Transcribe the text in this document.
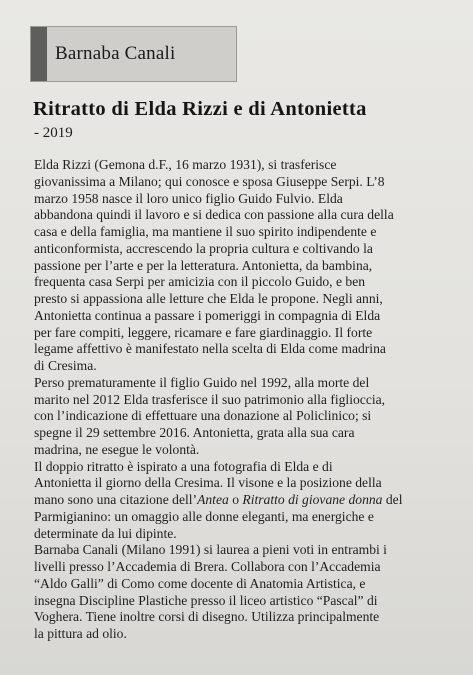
Barnaba Canali
Ritratto di Elda Rizzi e di Antonietta
- 2019
Elda Rizzi (Gemona d.F., 16 marzo 1931), si trasferisce
giovanissima a Milano; qui conosce e sposa Giuseppe Serpi. L’8
marzo 1958 nasce il loro unico figlio Guido Fulvio. Elda
abbandona quindi il lavoro e si dedica con passione alla cura della
casa e della famiglia, ma mantiene il suo spirito indipendente e
anticonformista, accrescendo la propria cultura e coltivando la
passione per l’arte e per la letteratura. Antonietta, da bambina,
frequenta casa Serpi per amicizia con il piccolo Guido, e ben
presto si appassiona alle letture che Elda le propone. Negli anni,
Antonietta continua a passare i pomeriggi in compagnia di Elda
per fare compiti, leggere, ricamare e fare giardinaggio. Il forte
legame affettivo è manifestato nella scelta di Elda come madrina
di Cresima.
Perso prematuramente il figlio Guido nel 1992, alla morte del
marito nel 2012 Elda trasferisce il suo patrimonio alla figlioccia,
con l’indicazione di effettuare una donazione al Policlinico; si
spegne il 29 settembre 2016. Antonietta, grata alla sua cara
madrina, ne esegue le volontà.
Il doppio ritratto è ispirato a una fotografia di Elda e di
Antonietta il giorno della Cresima. Il visone e la posizione della
mano sono una citazione dell’Antea o Ritratto di giovane donna del
Parmigianino: un omaggio alle donne eleganti, ma energiche e
determinate da lui dipinte.
Barnaba Canali (Milano 1991) si laurea a pieni voti in entrambi i
livelli presso l’Accademia di Brera. Collabora con l’Accademia
“Aldo Galli” di Como come docente di Anatomia Artistica, e
insegna Discipline Plastiche presso il liceo artistico “Pascal” di
Voghera. Tiene inoltre corsi di disegno. Utilizza principalmente
la pittura ad olio.
